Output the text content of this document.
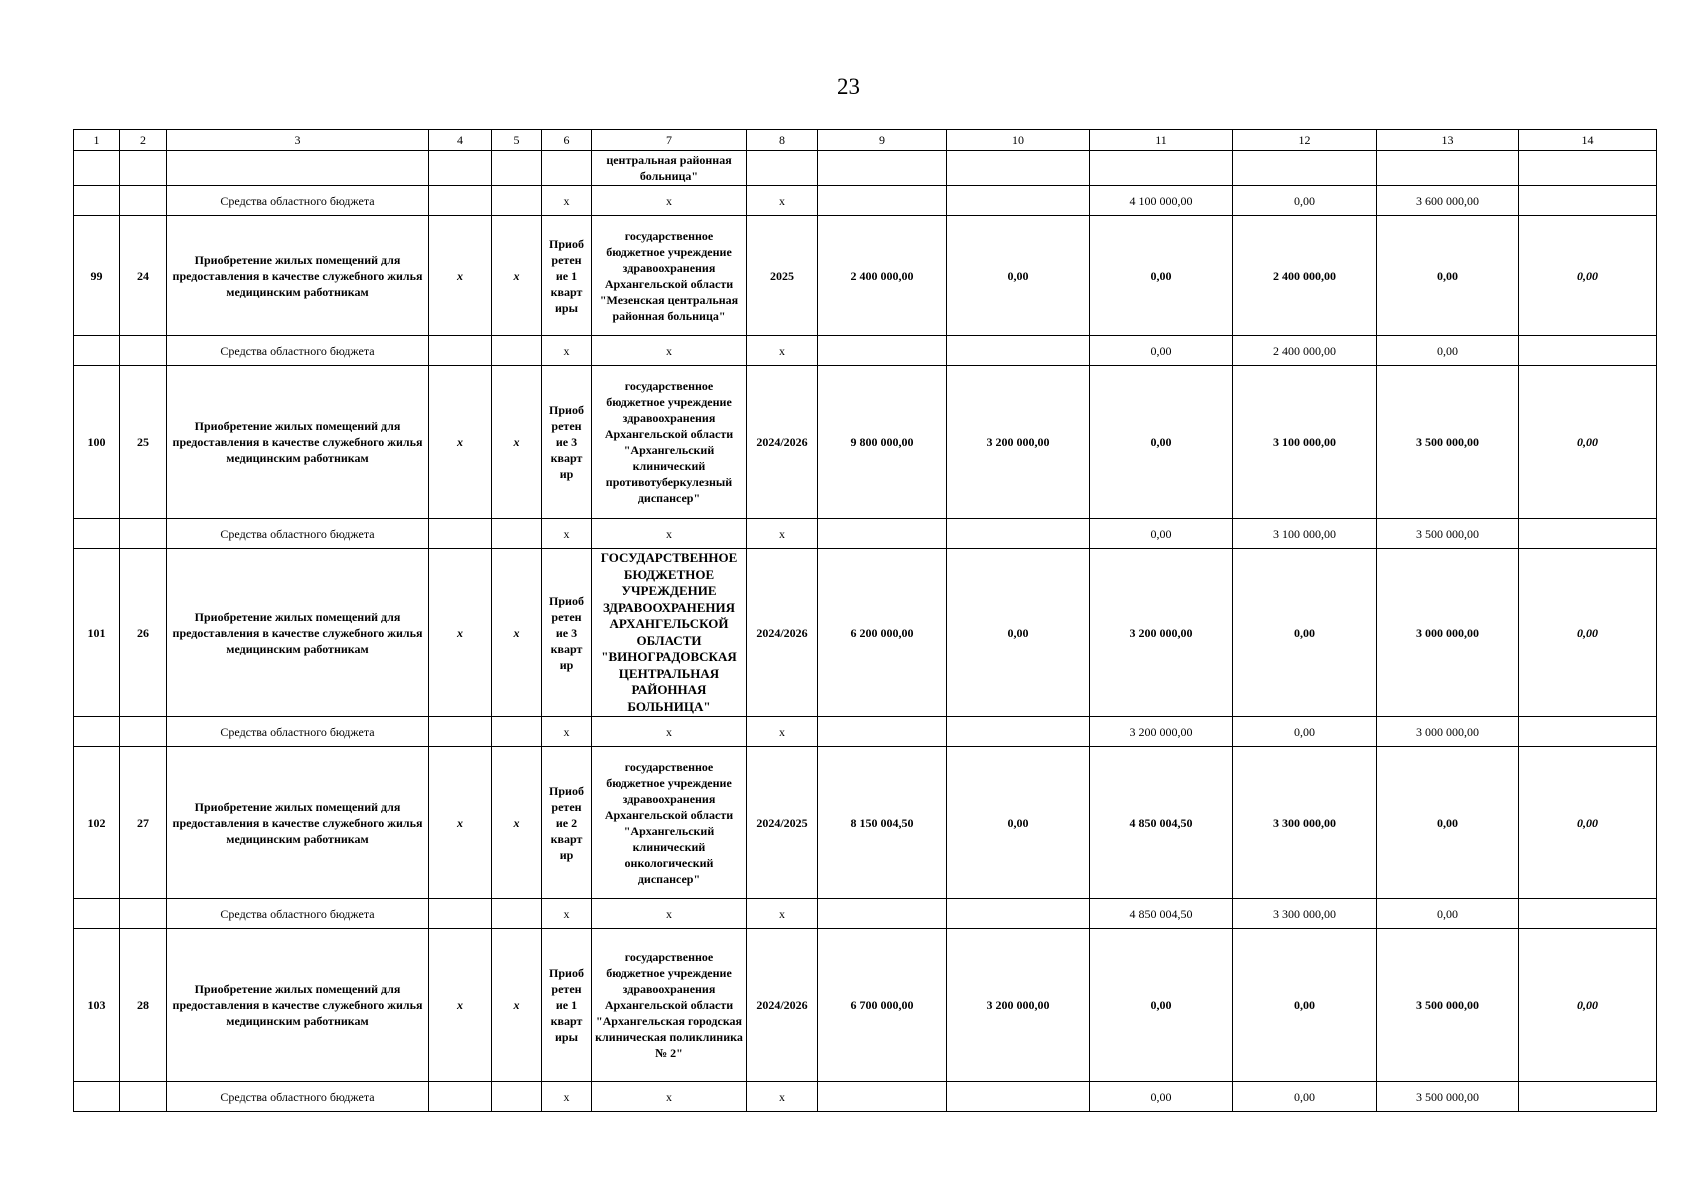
23
1	2	3	4	5	6	7	8	9	10	11	12	13	14
						центральная районная больница"							
		Средства областного бюджета			x	x	x			4 100 000,00	0,00	3 600 000,00	
99	24	Приобретение жилых помещений для предоставления в качестве служебного жилья медицинским работникам	x	x	Приоб ретен ие 1 кварт иры	государственное бюджетное учреждение здравоохранения Архангельской области "Мезенская центральная районная больница"	2025	2 400 000,00	0,00	0,00	2 400 000,00	0,00	0,00
		Средства областного бюджета			x	x	x			0,00	2 400 000,00	0,00	
100	25	Приобретение жилых помещений для предоставления в качестве служебного жилья медицинским работникам	x	x	Приоб ретен ие 3 кварт ир	государственное бюджетное учреждение здравоохранения Архангельской области "Архангельский клинический противотуберкулезный диспансер"	2024/2026	9 800 000,00	3 200 000,00	0,00	3 100 000,00	3 500 000,00	0,00
		Средства областного бюджета			x	x	x			0,00	3 100 000,00	3 500 000,00	
101	26	Приобретение жилых помещений для предоставления в качестве служебного жилья медицинским работникам	x	x	Приоб ретен ие 3 кварт ир	ГОСУДАРСТВЕННОЕ БЮДЖЕТНОЕ УЧРЕЖДЕНИЕ ЗДРАВООХРАНЕНИЯ АРХАНГЕЛЬСКОЙ ОБЛАСТИ "ВИНОГРАДОВСКАЯ ЦЕНТРАЛЬНАЯ РАЙОННАЯ БОЛЬНИЦА"	2024/2026	6 200 000,00	0,00	3 200 000,00	0,00	3 000 000,00	0,00
		Средства областного бюджета			x	x	x			3 200 000,00	0,00	3 000 000,00	
102	27	Приобретение жилых помещений для предоставления в качестве служебного жилья медицинским работникам	x	x	Приоб ретен ие 2 кварт ир	государственное бюджетное учреждение здравоохранения Архангельской области "Архангельский клинический онкологический диспансер"	2024/2025	8 150 004,50	0,00	4 850 004,50	3 300 000,00	0,00	0,00
		Средства областного бюджета			x	x	x			4 850 004,50	3 300 000,00	0,00	
103	28	Приобретение жилых помещений для предоставления в качестве служебного жилья медицинским работникам	x	x	Приоб ретен ие 1 кварт иры	государственное бюджетное учреждение здравоохранения Архангельской области "Архангельская городская клиническая поликлиника № 2"	2024/2026	6 700 000,00	3 200 000,00	0,00	0,00	3 500 000,00	0,00
		Средства областного бюджета			x	x	x			0,00	0,00	3 500 000,00	
